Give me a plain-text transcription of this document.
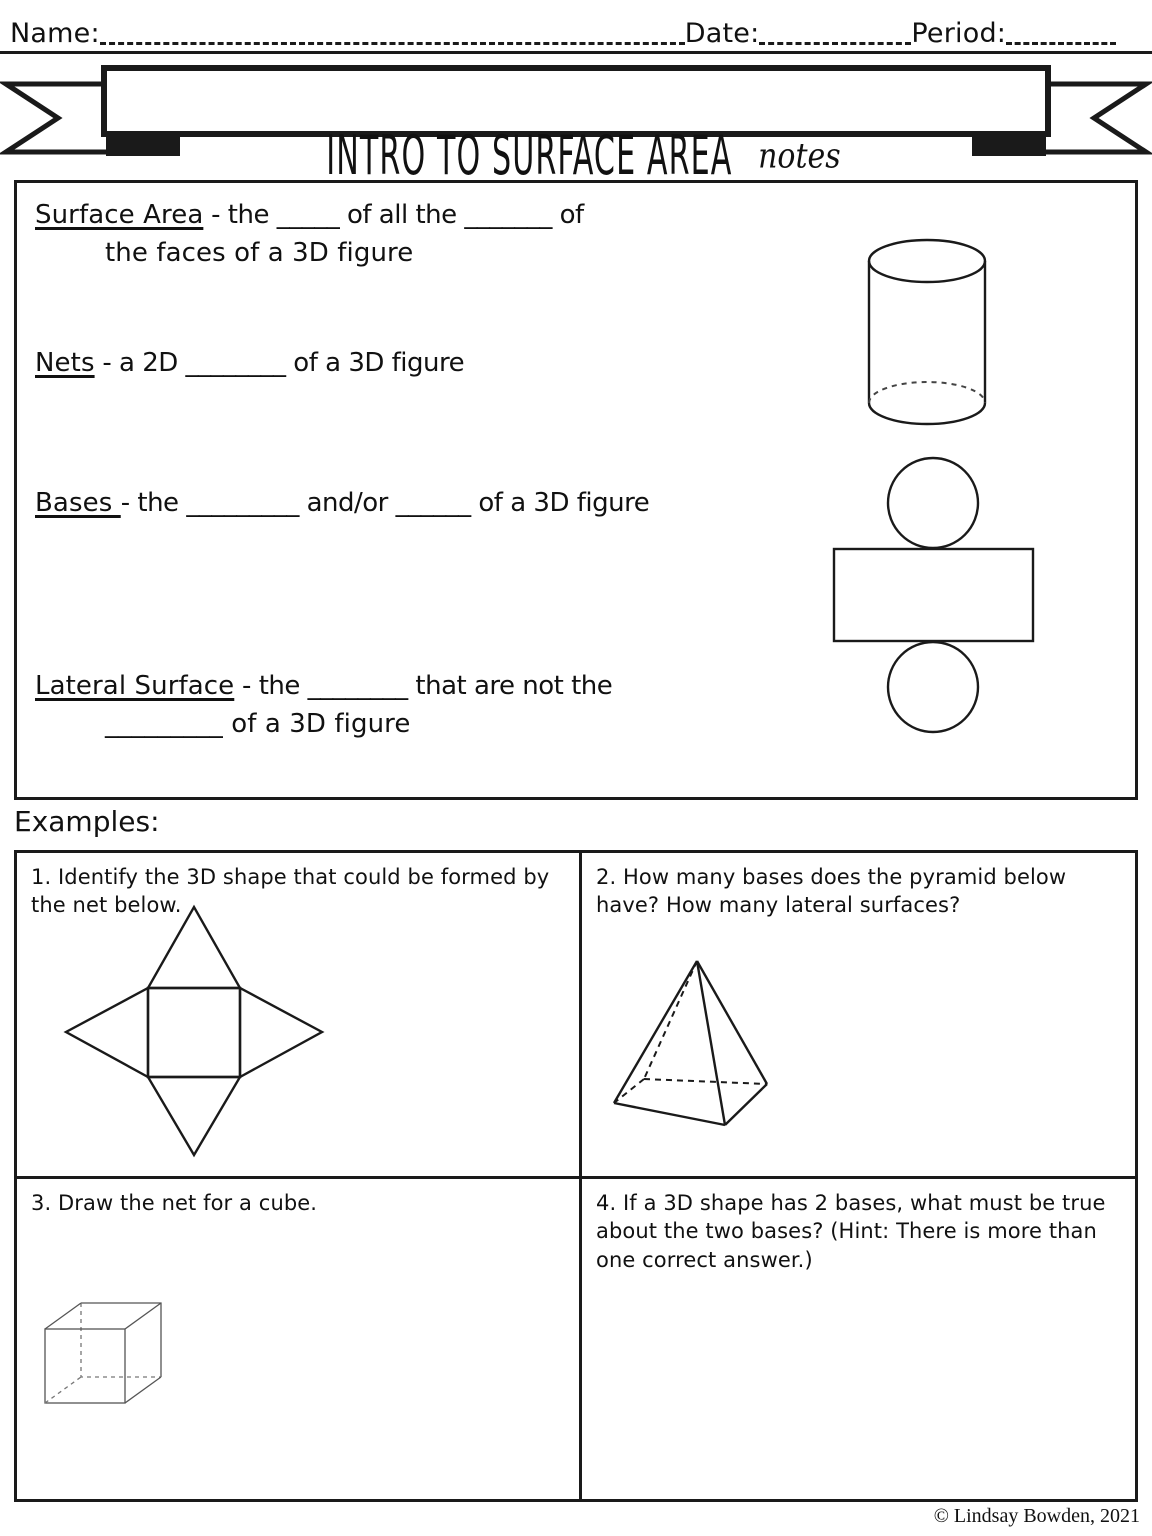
Name:	Date:	Period:
INTRO TO SURFACE AREA notes
Surface Area - the _____ of all the _______ of
the faces of a 3D figure
Nets - a 2D ________ of a 3D figure
Bases - the _________ and/or ______ of a 3D figure
Lateral Surface - the ________ that are not the
_________ of a 3D figure
Examples:

1. Identify the 3D shape that could be formed by the net below.

2. How many bases does the pyramid below have? How many lateral surfaces?

3. Draw the net for a cube.	4. If a 3D shape has 2 bases, what must be true about the two bases? (Hint: There is more than one correct answer.)

© Lindsay Bowden, 2021
